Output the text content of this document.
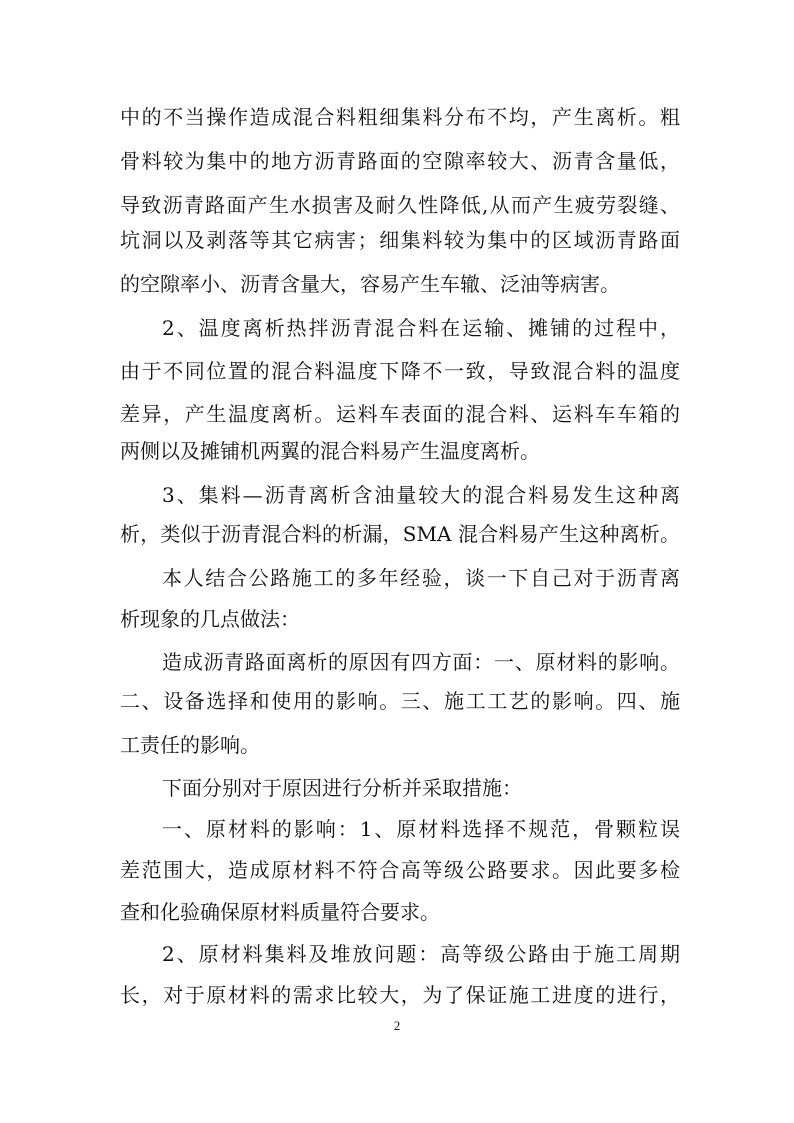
中的不当操作造成混合料粗细集料分布不均，产生离析。粗
骨料较为集中的地方沥青路面的空隙率较大、沥青含量低，
导致沥青路面产生水损害及耐久性降低,从而产生疲劳裂缝、
坑洞以及剥落等其它病害；细集料较为集中的区域沥青路面
的空隙率小、沥青含量大，容易产生车辙、泛油等病害。
2、温度离析热拌沥青混合料在运输、摊铺的过程中，
由于不同位置的混合料温度下降不一致，导致混合料的温度
差异，产生温度离析。运料车表面的混合料、运料车车箱的
两侧以及摊铺机两翼的混合料易产生温度离析。
3、集料—沥青离析含油量较大的混合料易发生这种离
析，类似于沥青混合料的析漏，SMA 混合料易产生这种离析。
本人结合公路施工的多年经验，谈一下自己对于沥青离
析现象的几点做法：
造成沥青路面离析的原因有四方面：一、原材料的影响。
二、设备选择和使用的影响。三、施工工艺的影响。四、施
工责任的影响。
下面分别对于原因进行分析并采取措施：
一、原材料的影响：1、原材料选择不规范，骨颗粒误
差范围大，造成原材料不符合高等级公路要求。因此要多检
查和化验确保原材料质量符合要求。
2、原材料集料及堆放问题：高等级公路由于施工周期
长，对于原材料的需求比较大，为了保证施工进度的进行，
2
